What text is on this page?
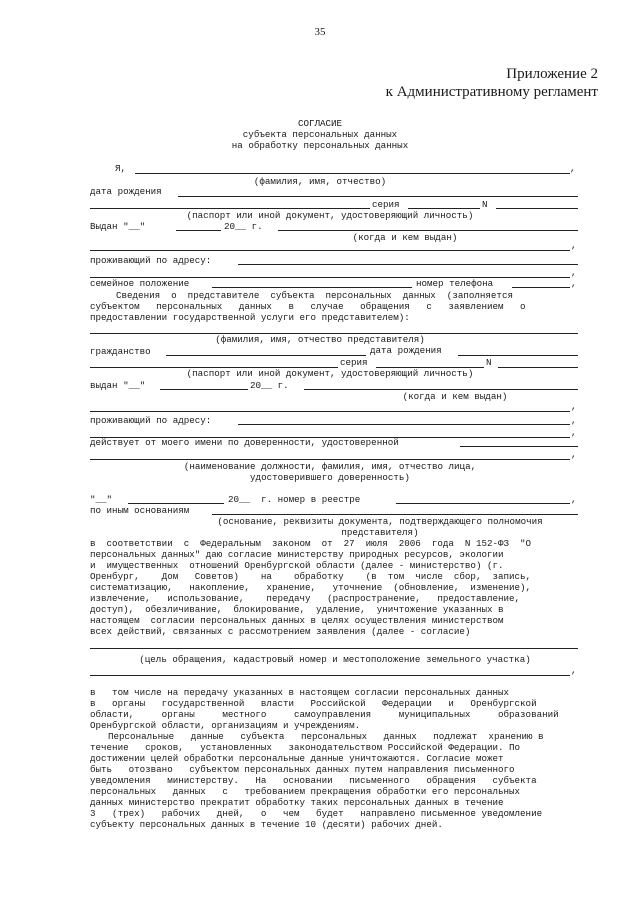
35
Приложение 2
к Административному регламент
СОГЛАСИЕ
субъекта персональных данных
на обработку персональных данных
Я,	,
(фамилия, имя, отчество)
дата рождения
серия	N
(паспорт или иной документ, удостоверяющий личность)
Выдан "__"	20__ г.
(когда и кем выдан)
,
проживающий по адресу:
,
семейное положение	номер телефона	,
Сведения  о  представителе  субъекта  персональных  данных  (заполняется
субъектом   персональных   данных   в   случае   обращения   с   заявлением   о
предоставлении государственной услуги его представителем):
(фамилия, имя, отчество представителя)
гражданство	дата рождения
серия	N
(паспорт или иной документ, удостоверяющий личность)
выдан "__"	20__ г.
(когда и кем выдан)
,
проживающий по адресу:	,
,
действует от моего имени по доверенности, удостоверенной
,
(наименование должности, фамилия, имя, отчество лица,
удостоверившего доверенность)
"__"	20__  г. номер в реестре	,
по иным основаниям
(основание, реквизиты документа, подтверждающего полномочия
представителя)
в  соответствии  с  Федеральным  законом  от  27  июля  2006  года  N 152-ФЗ  "О
персональных данных" даю согласие министерству природных ресурсов, экологии
и  имущественных  отношений Оренбургской области (далее - министерство) (г.
Оренбург,    Дом   Советов)    на    обработку    (в  том  числе  сбор,  запись,
систематизацию,   накопление,   хранение,   уточнение  (обновление,  изменение),
извлечение,   использование,    передачу   (распространение,   предоставление,
доступ),  обезличивание,  блокирование,  удаление,  уничтожение указанных в
настоящем  согласии персональных данных в целях осуществления министерством
всех действий, связанных с рассмотрением заявления (далее - согласие)
(цель обращения, кадастровый номер и местоположение земельного участка)
,
в   том числе на передачу указанных в настоящем согласии персональных данных
в   органы   государственной   власти   Российской   Федерации   и   Оренбургской
области,     органы     местного     самоуправления     муниципальных     образований
Оренбургской области, организациям и учреждениям.
Персональные   данные   субъекта   персональных   данных   подлежат  хранению в
течение   сроков,   установленных   законодательством Российской Федерации. По
достижении целей обработки персональные данные уничтожаются. Согласие может
быть   отозвано   субъектом персональных данных путем направления письменного
уведомления   министерству.   На   основании   письменного   обращения   субъекта
персональных   данных   с   требованием прекращения обработки его персональных
данных министерство прекратит обработку таких персональных данных в течение
3   (трех)   рабочих   дней,   о   чем   будет   направлено письменное уведомление
субъекту персональных данных в течение 10 (десяти) рабочих дней.
